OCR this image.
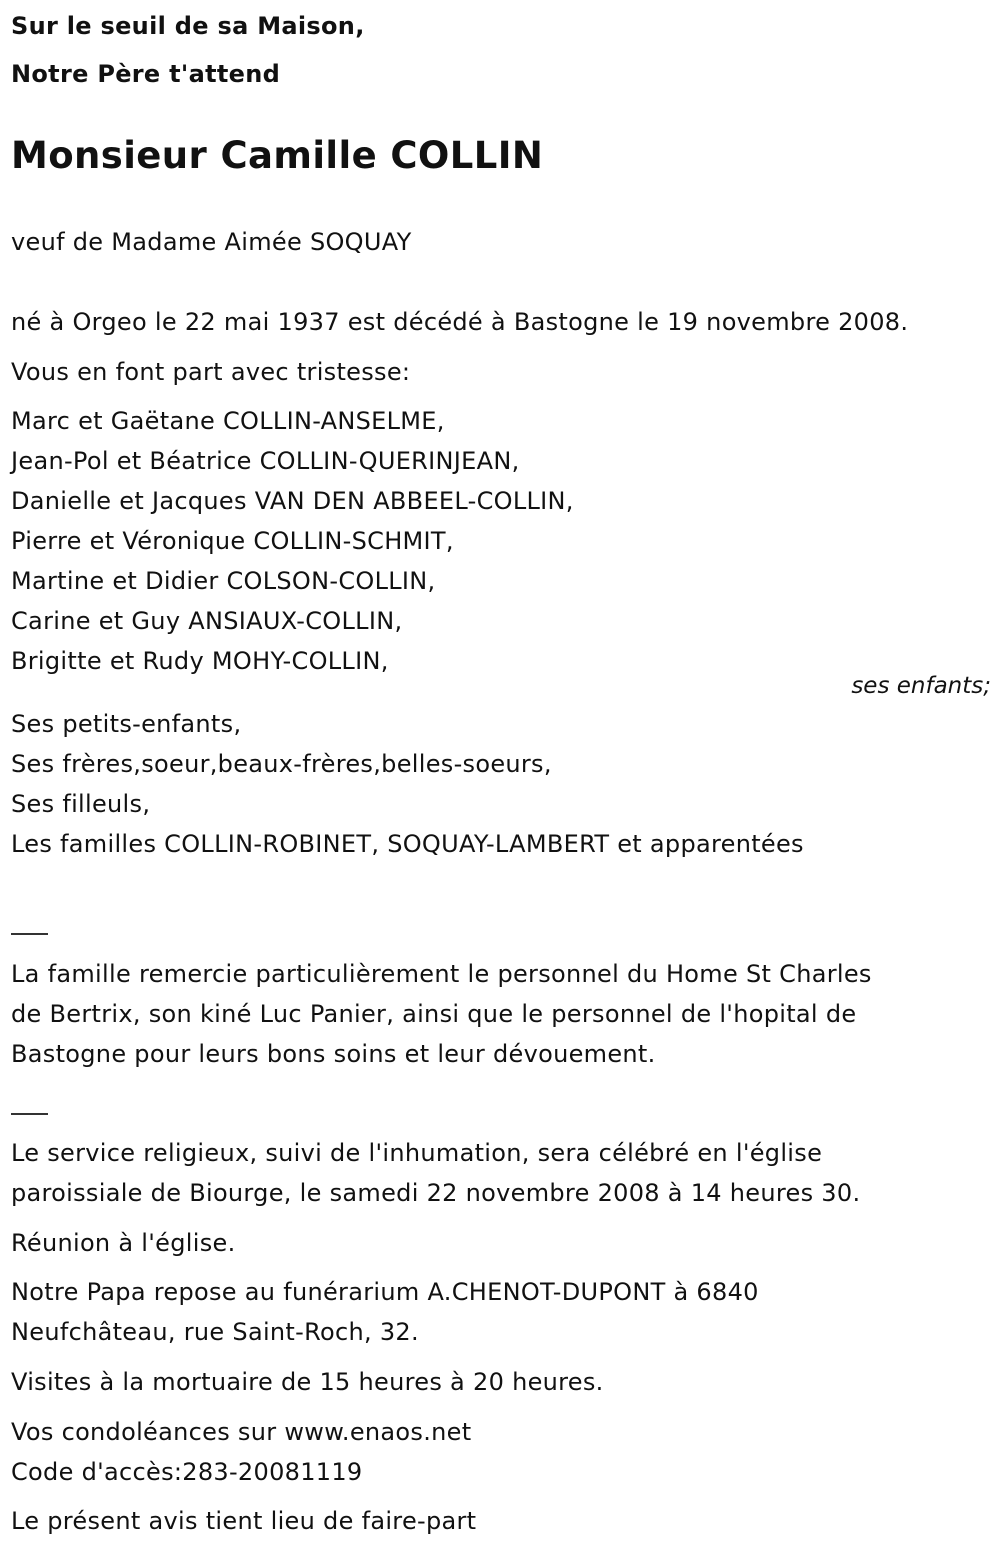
Sur le seuil de sa Maison,
Notre Père t'attend
Monsieur Camille COLLIN
veuf de Madame Aimée SOQUAY
né à Orgeo le 22 mai 1937 est décédé à Bastogne le 19 novembre 2008.
Vous en font part avec tristesse:
Marc et Gaëtane COLLIN-ANSELME,
Jean-Pol et Béatrice COLLIN-QUERINJEAN,
Danielle et Jacques VAN DEN ABBEEL-COLLIN,
Pierre et Véronique COLLIN-SCHMIT,
Martine et Didier COLSON-COLLIN,
Carine et Guy ANSIAUX-COLLIN,
Brigitte et Rudy MOHY-COLLIN,
ses enfants;
Ses petits-enfants,
Ses frères,soeur,beaux-frères,belles-soeurs,
Ses filleuls,
Les familles COLLIN-ROBINET, SOQUAY-LAMBERT et apparentées
La famille remercie particulièrement le personnel du Home St Charles
de Bertrix, son kiné Luc Panier, ainsi que le personnel de l'hopital de
Bastogne pour leurs bons soins et leur dévouement.
Le service religieux, suivi de l'inhumation, sera célébré en l'église
paroissiale de Biourge, le samedi 22 novembre 2008 à 14 heures 30.
Réunion à l'église.
Notre Papa repose au funérarium A.CHENOT-DUPONT à 6840
Neufchâteau, rue Saint-Roch, 32.
Visites à la mortuaire de 15 heures à 20 heures.
Vos condoléances sur www.enaos.net
Code d'accès:283-20081119
Le présent avis tient lieu de faire-part
